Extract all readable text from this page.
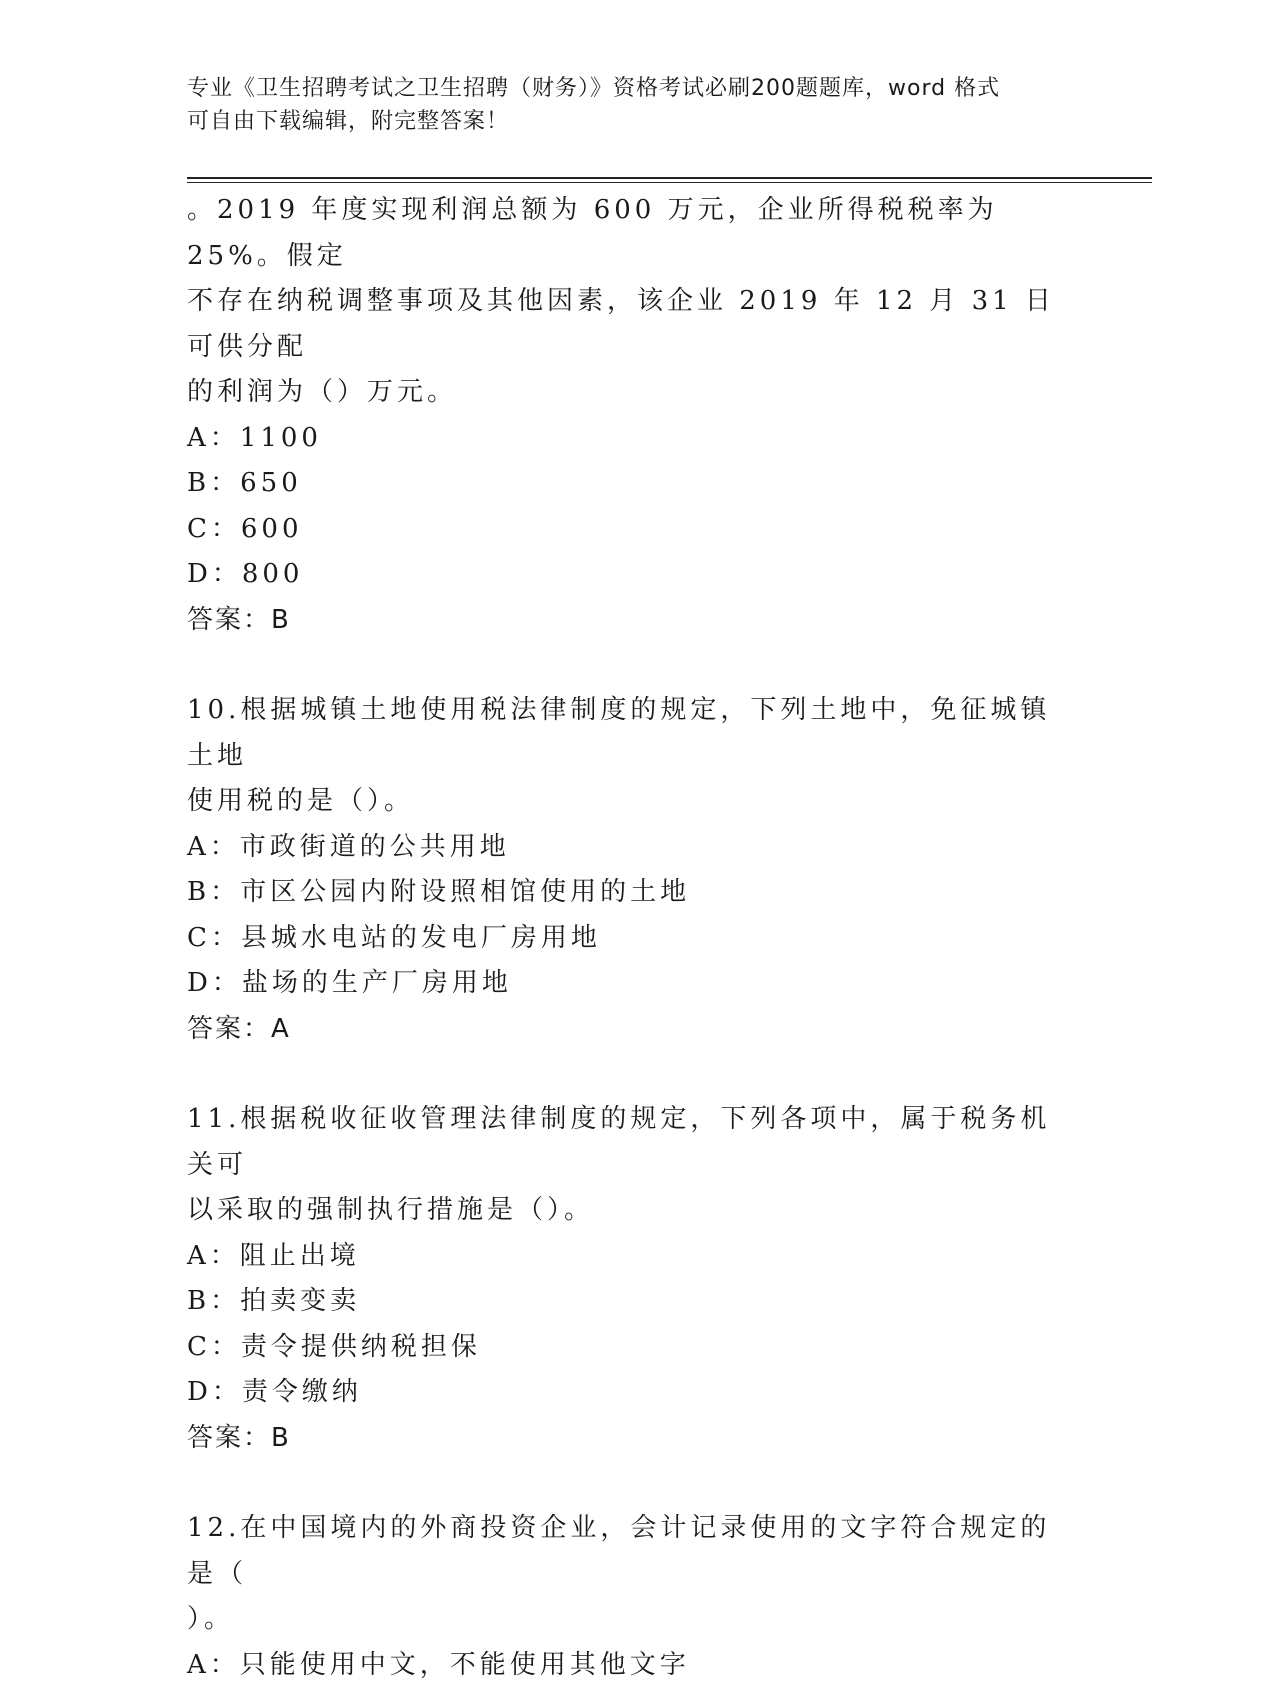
专业《卫生招聘考试之卫生招聘（财务）》资格考试必刷200题题库，word 格式
可自由下载编辑，附完整答案！

。2019 年度实现利润总额为 600 万元，企业所得税税率为 25%。假定

不存在纳税调整事项及其他因素，该企业 2019 年 12 月 31 日可供分配

的利润为（）万元。

A：1100

B：650

C：600

D：800

答案：B

10.根据城镇土地使用税法律制度的规定，下列土地中，免征城镇土地

使用税的是（）。

A：市政街道的公共用地

B：市区公园内附设照相馆使用的土地

C：县城水电站的发电厂房用地

D：盐场的生产厂房用地

答案：A

11.根据税收征收管理法律制度的规定，下列各项中，属于税务机关可

以采取的强制执行措施是（）。

A：阻止出境

B：拍卖变卖

C：责令提供纳税担保

D：责令缴纳

答案：B

12.在中国境内的外商投资企业，会计记录使用的文字符合规定的是（

）。

A：只能使用中文，不能使用其他文字
